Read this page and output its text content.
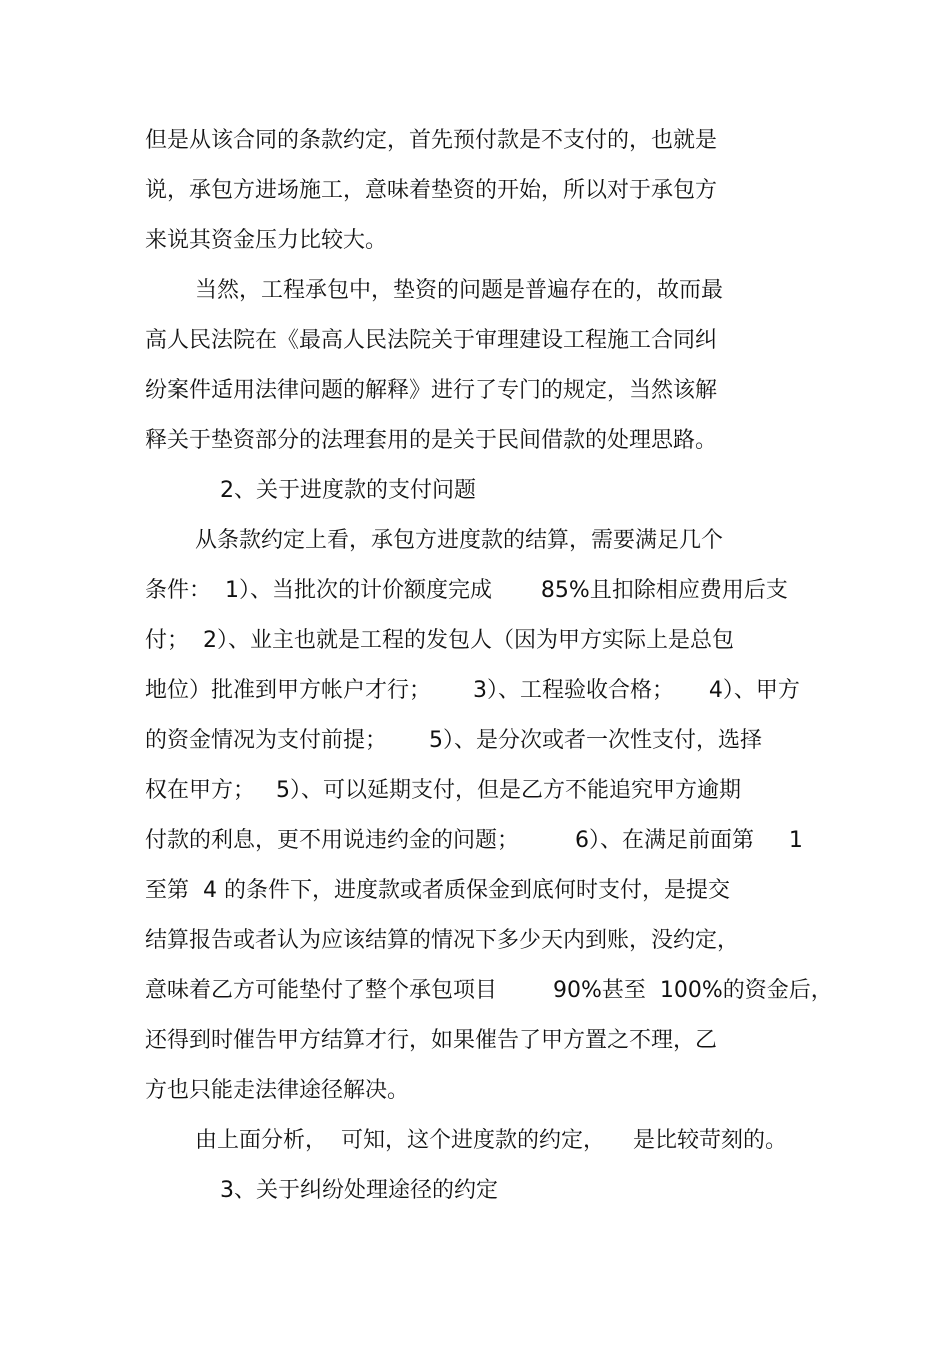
但是从该合同的条款约定，首先预付款是不支付的，也就是
说，承包方进场施工，意味着垫资的开始，所以对于承包方
来说其资金压力比较大。
当然，工程承包中，垫资的问题是普遍存在的，故而最
高人民法院在《最高人民法院关于审理建设工程施工合同纠
纷案件适用法律问题的解释》进行了专门的规定，当然该解
释关于垫资部分的法理套用的是关于民间借款的处理思路。
2、关于进度款的支付问题
从条款约定上看，承包方进度款的结算，需要满足几个
条件：  1）、当批次的计价额度完成       85%且扣除相应费用后支
付；  2）、业主也就是工程的发包人（因为甲方实际上是总包
地位）批准到甲方帐户才行；      3）、工程验收合格；     4）、甲方
的资金情况为支付前提；      5）、是分次或者一次性支付，选择
权在甲方；   5）、可以延期支付，但是乙方不能追究甲方逾期
付款的利息，更不用说违约金的问题；        6）、在满足前面第     1
至第  4 的条件下，进度款或者质保金到底何时支付，是提交
结算报告或者认为应该结算的情况下多少天内到账，没约定，
意味着乙方可能垫付了整个承包项目        90%甚至  100%的资金后，
还得到时催告甲方结算才行，如果催告了甲方置之不理，乙
方也只能走法律途径解决。
由上面分析，  可知，这个进度款的约定，    是比较苛刻的。
3、关于纠纷处理途径的约定
